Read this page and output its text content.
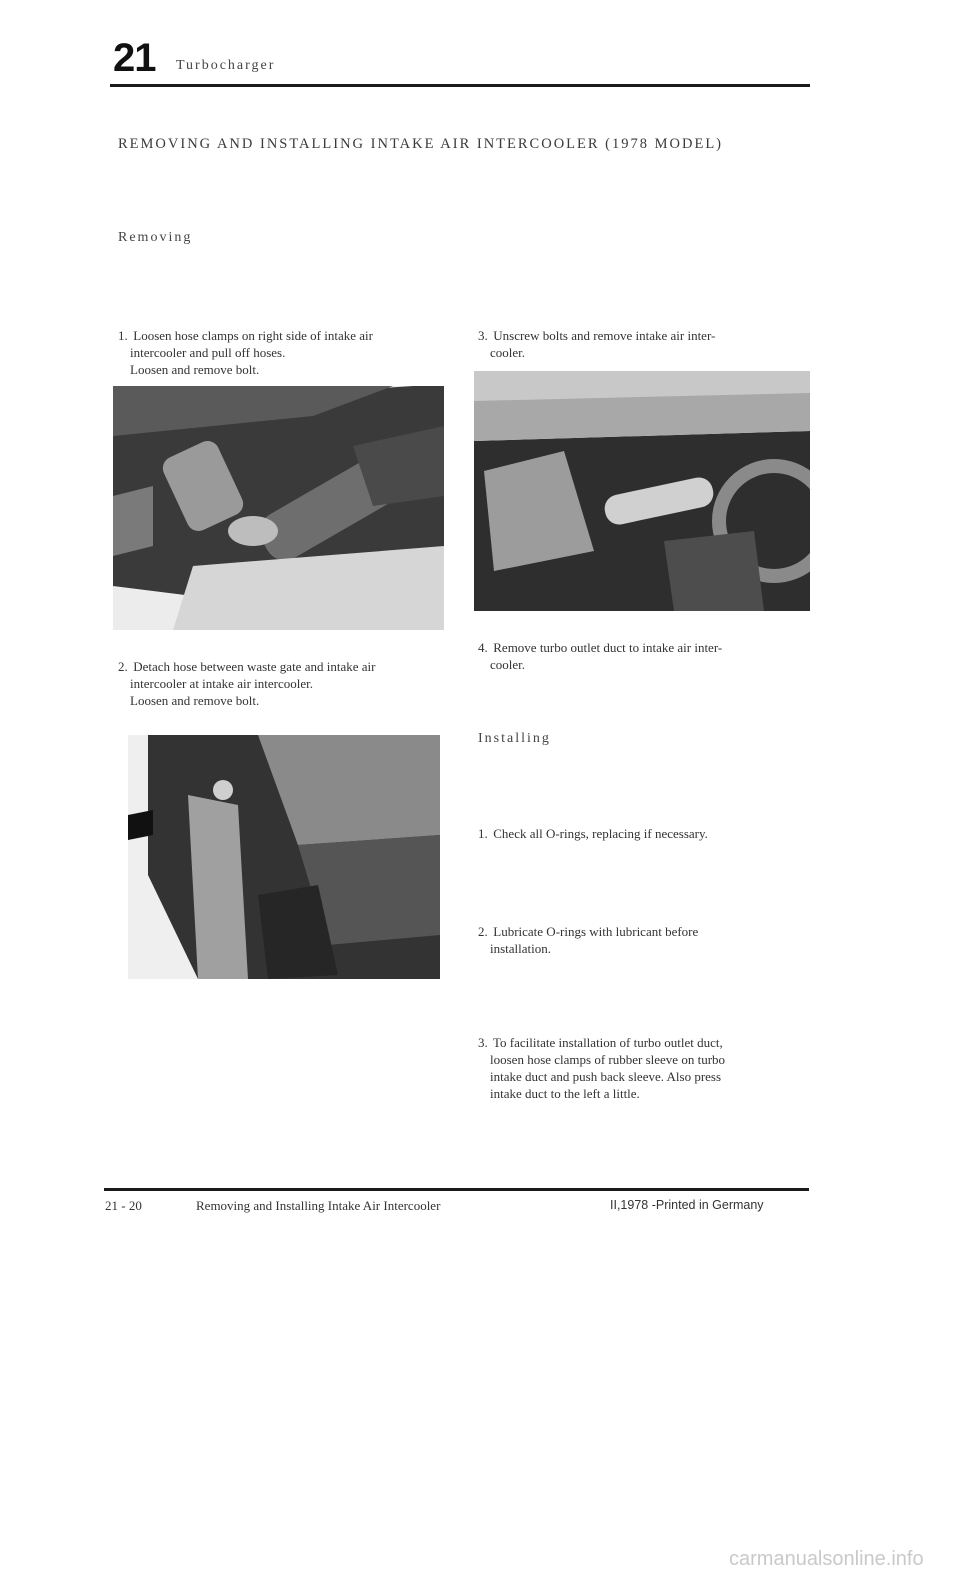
21 Turbocharger
REMOVING AND INSTALLING INTAKE AIR INTERCOOLER (1978 MODEL)
Removing
1. Loosen hose clamps on right side of intake air
intercooler and pull off hoses.
Loosen and remove bolt.
2. Detach hose between waste gate and intake air
intercooler at intake air intercooler.
Loosen and remove bolt.
3. Unscrew bolts and remove intake air inter-
cooler.
4. Remove turbo outlet duct to intake air inter-
cooler.
Installing
1. Check all O-rings, replacing if necessary.
2. Lubricate O-rings with lubricant before
installation.
3. To facilitate installation of turbo outlet duct,
loosen hose clamps of rubber sleeve on turbo
intake duct and push back sleeve. Also press
intake duct to the left a little.
21 - 20	Removing and Installing Intake Air Intercooler	II,1978 -Printed in Germany
carmanualsonline.info
